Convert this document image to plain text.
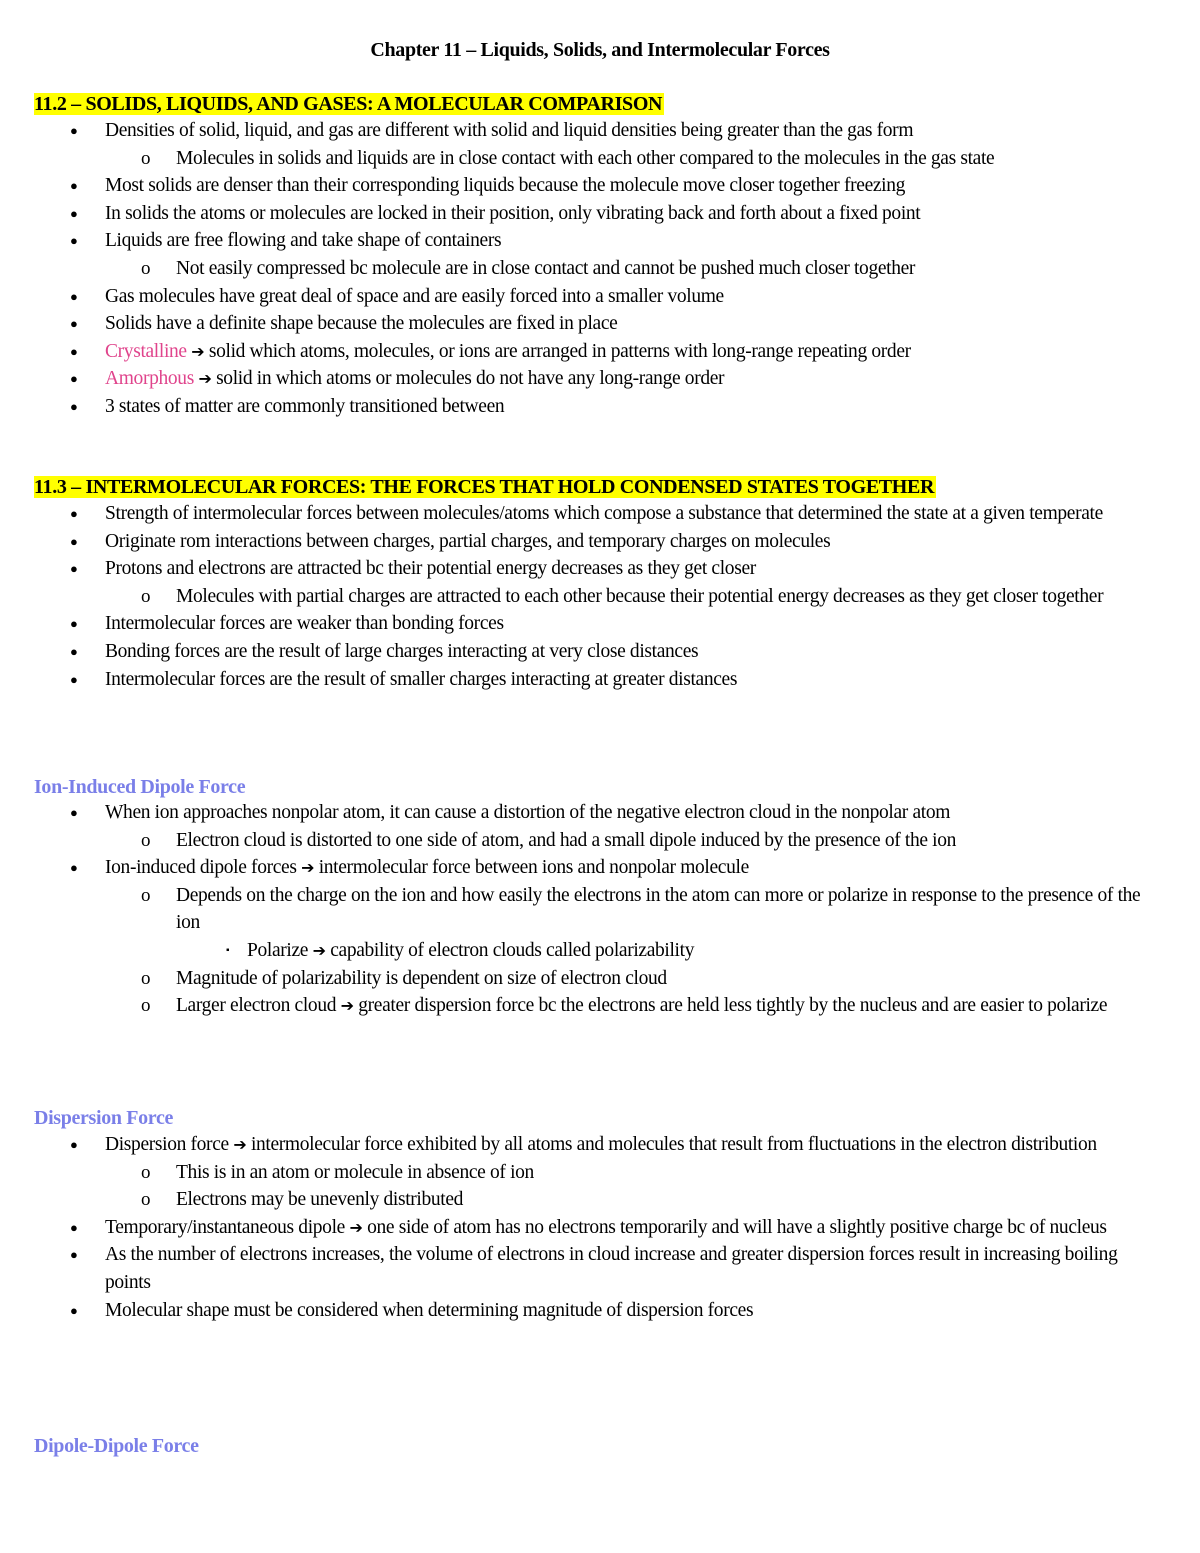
Chapter 11 – Liquids, Solids, and Intermolecular Forces
11.2 – SOLIDS, LIQUIDS, AND GASES: A MOLECULAR COMPARISON
● Densities of solid, liquid, and gas are different with solid and liquid densities being greater than the gas form
o Molecules in solids and liquids are in close contact with each other compared to the molecules in the gas state
● Most solids are denser than their corresponding liquids because the molecule move closer together freezing
● In solids the atoms or molecules are locked in their position, only vibrating back and forth about a fixed point
● Liquids are free flowing and take shape of containers
o Not easily compressed bc molecule are in close contact and cannot be pushed much closer together
● Gas molecules have great deal of space and are easily forced into a smaller volume
● Solids have a definite shape because the molecules are fixed in place
● Crystalline ➔ solid which atoms, molecules, or ions are arranged in patterns with long-range repeating order
● Amorphous ➔ solid in which atoms or molecules do not have any long-range order
● 3 states of matter are commonly transitioned between
11.3 – INTERMOLECULAR FORCES: THE FORCES THAT HOLD CONDENSED STATES TOGETHER
● Strength of intermolecular forces between molecules/atoms which compose a substance that determined the state at a given temperate
● Originate rom interactions between charges, partial charges, and temporary charges on molecules
● Protons and electrons are attracted bc their potential energy decreases as they get closer
o Molecules with partial charges are attracted to each other because their potential energy decreases as they get closer together
● Intermolecular forces are weaker than bonding forces
● Bonding forces are the result of large charges interacting at very close distances
● Intermolecular forces are the result of smaller charges interacting at greater distances
Ion-Induced Dipole Force
● When ion approaches nonpolar atom, it can cause a distortion of the negative electron cloud in the nonpolar atom
o Electron cloud is distorted to one side of atom, and had a small dipole induced by the presence of the ion
● Ion-induced dipole forces ➔ intermolecular force between ions and nonpolar molecule
o Depends on the charge on the ion and how easily the electrons in the atom can more or polarize in response to the presence of the ion
▪ Polarize ➔ capability of electron clouds called polarizability
o Magnitude of polarizability is dependent on size of electron cloud
o Larger electron cloud ➔ greater dispersion force bc the electrons are held less tightly by the nucleus and are easier to polarize
Dispersion Force
● Dispersion force ➔ intermolecular force exhibited by all atoms and molecules that result from fluctuations in the electron distribution
o This is in an atom or molecule in absence of ion
o Electrons may be unevenly distributed
● Temporary/instantaneous dipole ➔ one side of atom has no electrons temporarily and will have a slightly positive charge bc of nucleus
● As the number of electrons increases, the volume of electrons in cloud increase and greater dispersion forces result in increasing boiling points
● Molecular shape must be considered when determining magnitude of dispersion forces
Dipole-Dipole Force
